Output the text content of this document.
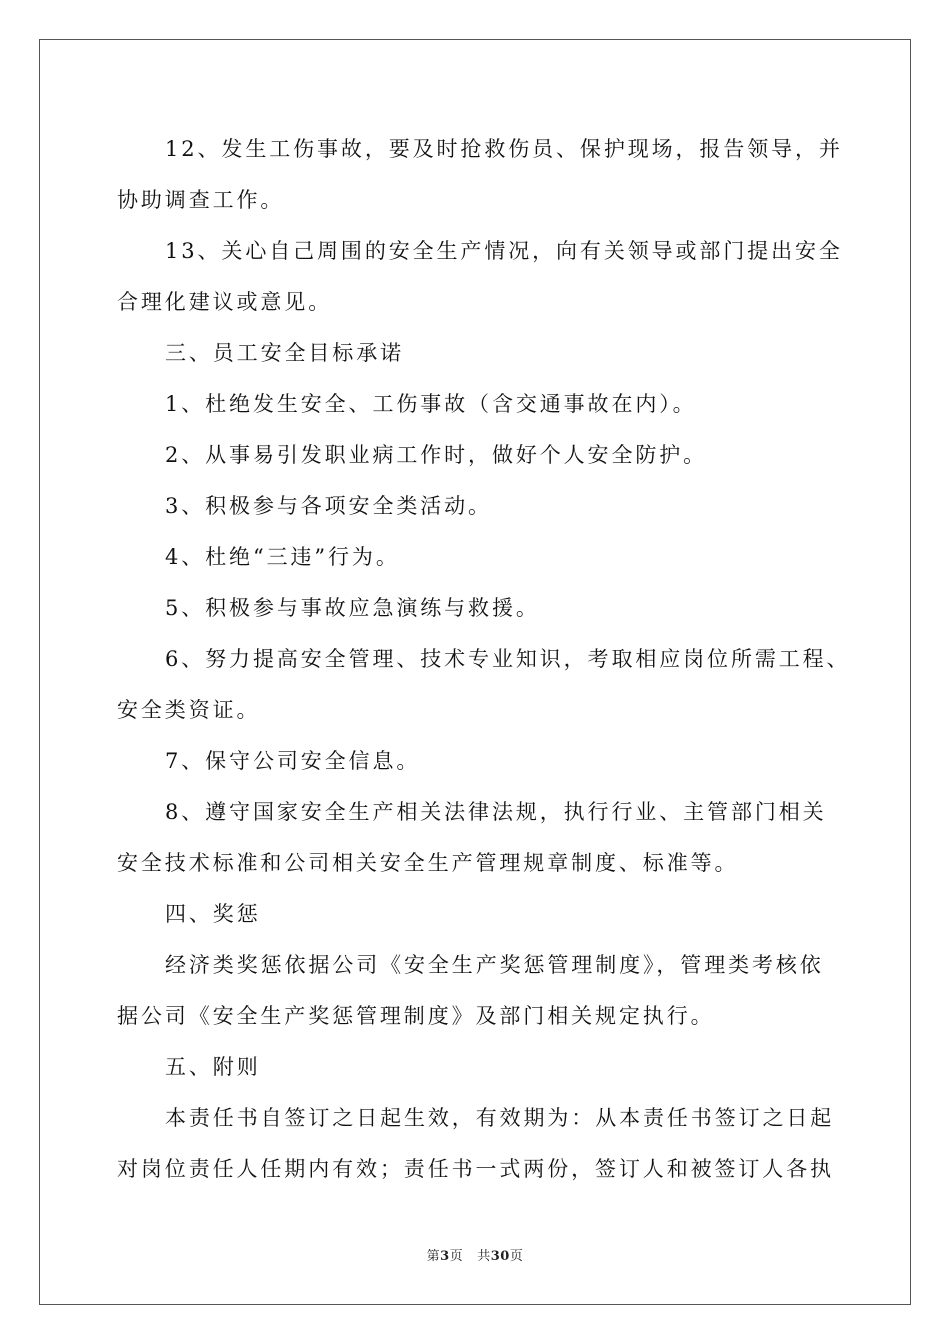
12、发生工伤事故，要及时抢救伤员、保护现场，报告领导，并
协助调查工作。
13、关心自己周围的安全生产情况，向有关领导或部门提出安全
合理化建议或意见。
三、员工安全目标承诺
1、杜绝发生安全、工伤事故（含交通事故在内）。
2、从事易引发职业病工作时，做好个人安全防护。
3、积极参与各项安全类活动。
4、杜绝“三违”行为。
5、积极参与事故应急演练与救援。
6、努力提高安全管理、技术专业知识，考取相应岗位所需工程、
安全类资证。
7、保守公司安全信息。
8、遵守国家安全生产相关法律法规，执行行业、主管部门相关
安全技术标准和公司相关安全生产管理规章制度、标准等。
四、奖惩
经济类奖惩依据公司《安全生产奖惩管理制度》，管理类考核依
据公司《安全生产奖惩管理制度》及部门相关规定执行。
五、附则
本责任书自签订之日起生效，有效期为：从本责任书签订之日起
对岗位责任人任期内有效；责任书一式两份，签订人和被签订人各执
第3页 共30页
